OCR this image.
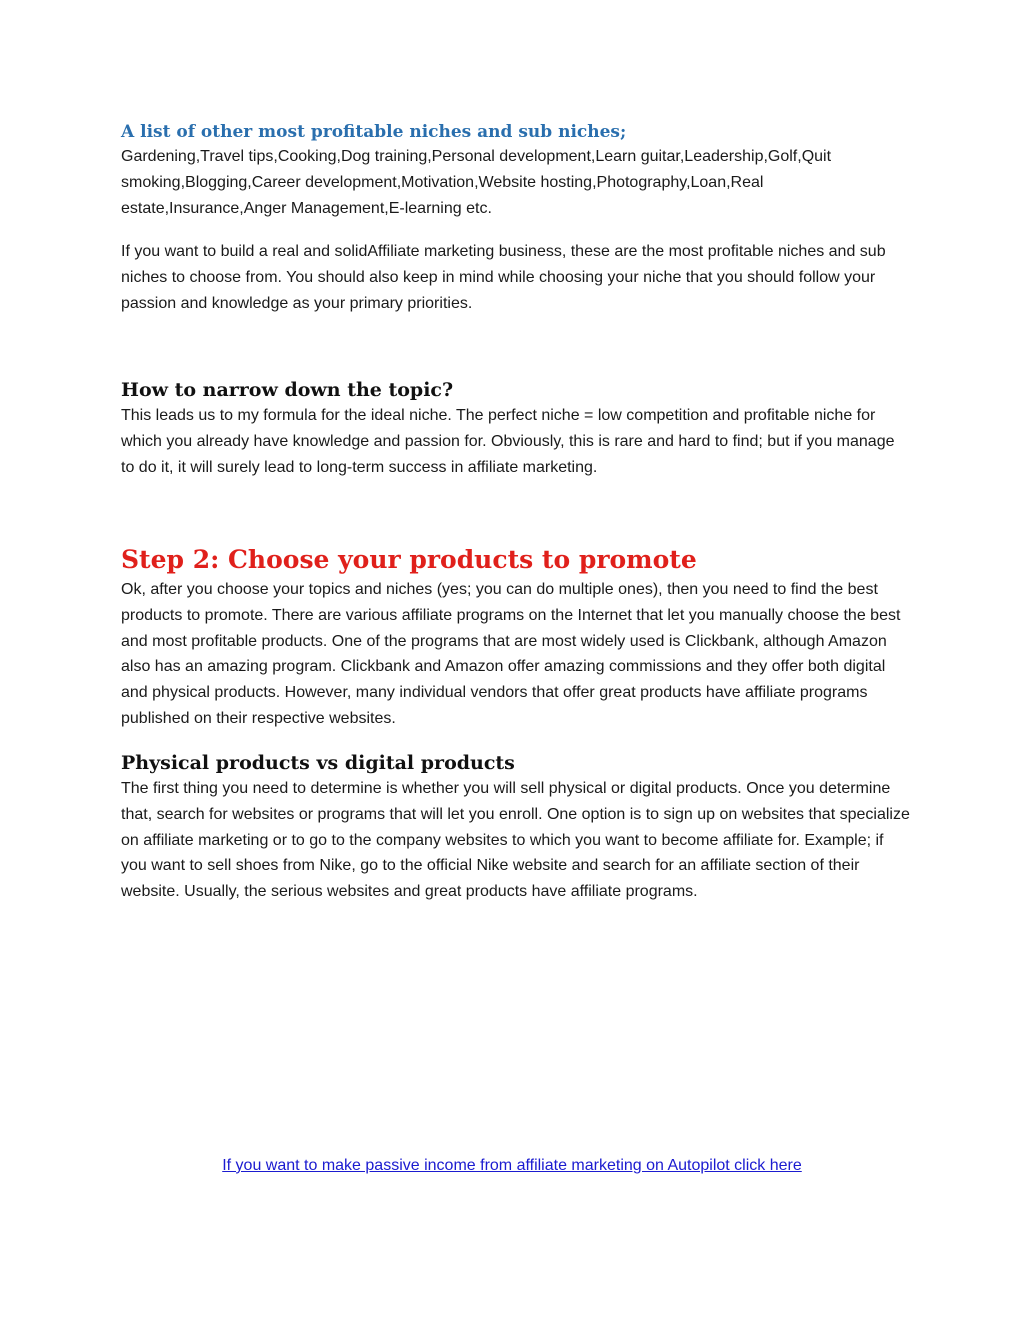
A list of other most profitable niches and sub niches;

Gardening,Travel tips,Cooking,Dog training,Personal development,Learn guitar,Leadership,Golf,Quit smoking,Blogging,Career development,Motivation,Website hosting,Photography,Loan,Real estate,Insurance,Anger Management,E-learning etc.

If you want to build a real and solidAffiliate marketing business, these are the most profitable niches and sub niches to choose from. You should also keep in mind while choosing your niche that you should follow your passion and knowledge as your primary priorities.

How to narrow down the topic?

This leads us to my formula for the ideal niche. The perfect niche = low competition and profitable niche for which you already have knowledge and passion for. Obviously, this is rare and hard to find; but if you manage to do it, it will surely lead to long-term success in affiliate marketing.

Step 2: Choose your products to promote

Ok, after you choose your topics and niches (yes; you can do multiple ones), then you need to find the best products to promote. There are various affiliate programs on the Internet that let you manually choose the best and most profitable products. One of the programs that are most widely used is Clickbank, although Amazon also has an amazing program. Clickbank and Amazon offer amazing commissions and they offer both digital and physical products. However, many individual vendors that offer great products have affiliate programs published on their respective websites.

Physical products vs digital products

The first thing you need to determine is whether you will sell physical or digital products. Once you determine that, search for websites or programs that will let you enroll. One option is to sign up on websites that specialize on affiliate marketing or to go to the company websites to which you want to become affiliate for. Example; if you want to sell shoes from Nike, go to the official Nike website and search for an affiliate section of their website. Usually, the serious websites and great products have affiliate programs.

If you want to make passive income from affiliate marketing on Autopilot click here
